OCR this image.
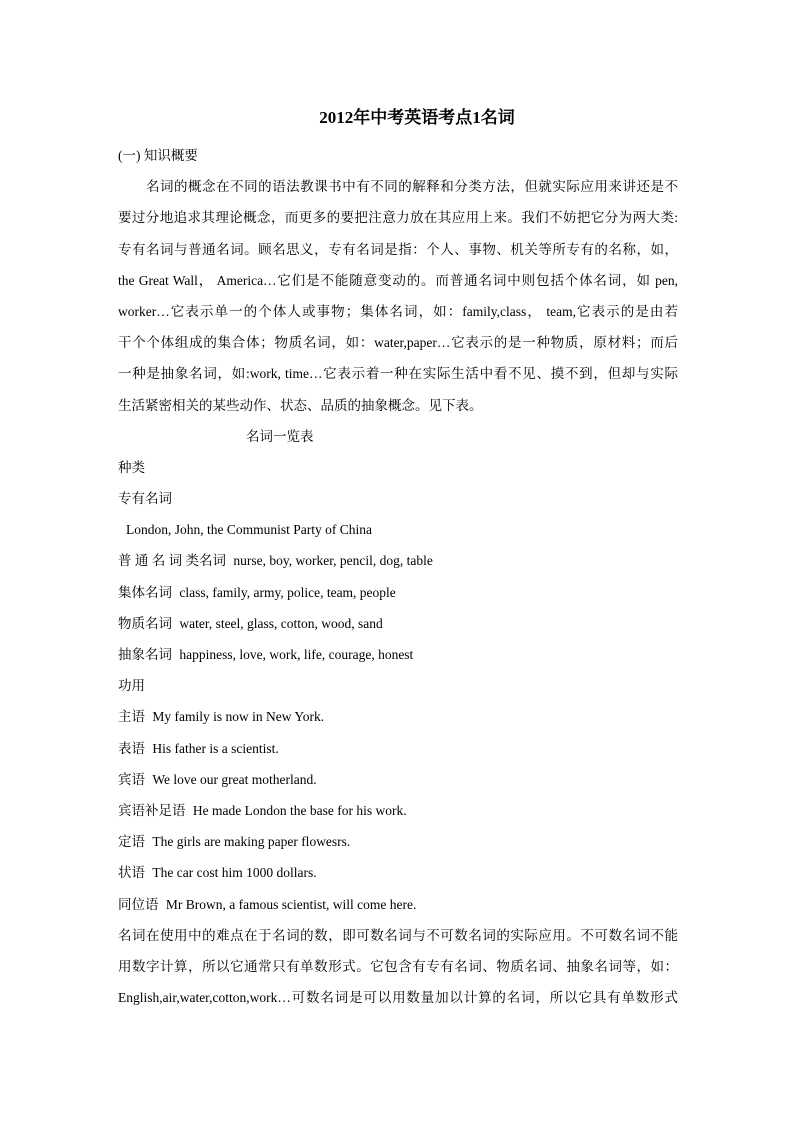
2012年中考英语考点1名词
(一) 知识概要
名词的概念在不同的语法教课书中有不同的解释和分类方法，但就实际应用来讲还是不
要过分地追求其理论概念，而更多的要把注意力放在其应用上来。我们不妨把它分为两大类:
专有名词与普通名词。顾名思义，专有名词是指：个人、事物、机关等所专有的名称，如，
the Great Wall， America…它们是不能随意变动的。而普通名词中则包括个体名词，如 pen,
worker…它表示单一的个体人或事物；集体名词，如：family,class， team,它表示的是由若
干个个体组成的集合体；物质名词，如：water,paper…它表示的是一种物质，原材料；而后
一种是抽象名词，如:work, time…它表示着一种在实际生活中看不见、摸不到，但却与实际
生活紧密相关的某些动作、状态、品质的抽象概念。见下表。
名词一览表
种类
专有名词
London, John, the Communist Party of China
普 通 名 词 类名词 nurse, boy, worker, pencil, dog, table
集体名词 class, family, army, police, team, people
物质名词 water, steel, glass, cotton, wood, sand
抽象名词 happiness, love, work, life, courage, honest
功用
主语 My family is now in New York.
表语 His father is a scientist.
宾语 We love our great motherland.
宾语补足语 He made London the base for his work.
定语 The girls are making paper flowesrs.
状语 The car cost him 1000 dollars.
同位语 Mr Brown, a famous scientist, will come here.
名词在使用中的难点在于名词的数，即可数名词与不可数名词的实际应用。不可数名词不能
用数字计算，所以它通常只有单数形式。它包含有专有名词、物质名词、抽象名词等，如：
English,air,water,cotton,work…可数名词是可以用数量加以计算的名词，所以它具有单数形式
